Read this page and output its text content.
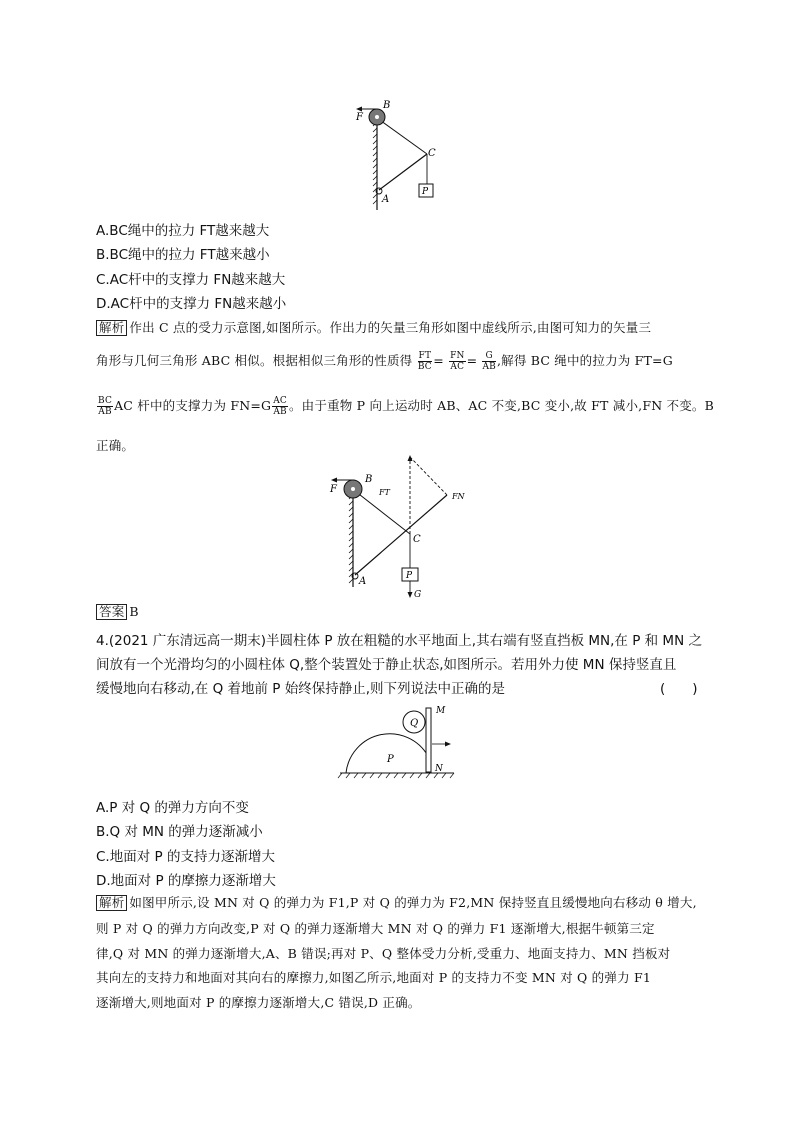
F
B
C
P
A
A.BC绳中的拉力 FT越来越大
B.BC绳中的拉力 FT越来越小
C.AC杆中的支撑力 FN越来越大
D.AC杆中的支撑力 FN越来越小
解析 作出 C 点的受力示意图,如图所示。作出力的矢量三角形如图中虚线所示,由图可知力的矢量三
角形与几何三角形 ABC 相似。根据相似三角形的性质得 $\frac{FT}{BC} = \frac{FN}{AC} = \frac{G}{AB}$ ,解得 BC 绳中的拉力为 FT=G
$\frac{BC}{AB}$ AC 杆中的支撑力为 $FN=G \frac{AC}{AB}$ 。由于重物 P 向上运动时 AB、AC 不变,BC 变小,故 FT 减小,FN 不变。B
正确。
F
B
FT	FN
C
P
A
G
答案 B
4.(2021 广东清远高一期末)半圆柱体 P 放在粗糙的水平地面上,其右端有竖直挡板 MN,在 P 和 MN 之
间放有一个光滑均匀的小圆柱体 Q,整个装置处于静止状态,如图所示。若用外力使 MN 保持竖直且
缓慢地向右移动,在 Q 着地前 P 始终保持静止,则下列说法中正确的是	(　　)
Q
M
P
N
A.P 对 Q 的弹力方向不变
B.Q 对 MN 的弹力逐渐减小
C.地面对 P 的支持力逐渐增大
D.地面对 P 的摩擦力逐渐增大
解析 如图甲所示,设 MN 对 Q 的弹力为 F1,P 对 Q 的弹力为 F2,MN 保持竖直且缓慢地向右移动 θ 增大,
则 P 对 Q 的弹力方向改变,P 对 Q 的弹力逐渐增大 MN 对 Q 的弹力 F1 逐渐增大,根据牛顿第三定
律,Q 对 MN 的弹力逐渐增大,A、B 错误;再对 P、Q 整体受力分析,受重力、地面支持力、MN 挡板对
其向左的支持力和地面对其向右的摩擦力,如图乙所示,地面对 P 的支持力不变 MN 对 Q 的弹力 F1
逐渐增大,则地面对 P 的摩擦力逐渐增大,C 错误,D 正确。
